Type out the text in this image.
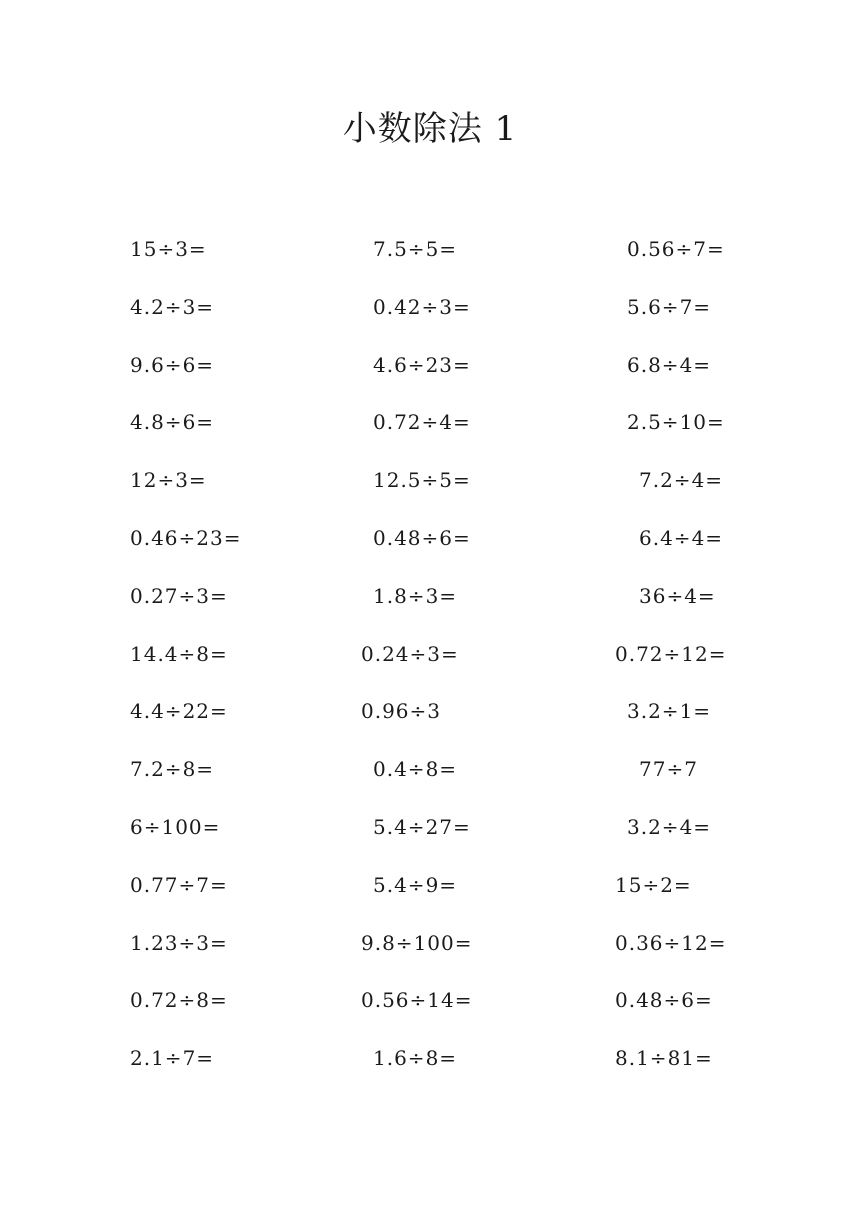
小数除法 1
15÷3=	7.5÷5=	0.56÷7=
4.2÷3=	0.42÷3=	5.6÷7=
9.6÷6=	4.6÷23=	6.8÷4=
4.8÷6=	0.72÷4=	2.5÷10=
12÷3=	12.5÷5=	7.2÷4=
0.46÷23=	0.48÷6=	6.4÷4=
0.27÷3=	1.8÷3=	36÷4=
14.4÷8=	0.24÷3=	0.72÷12=
4.4÷22=	0.96÷3	3.2÷1=
7.2÷8=	0.4÷8=	77÷7
6÷100=	5.4÷27=	3.2÷4=
0.77÷7=	5.4÷9=	15÷2=
1.23÷3=	9.8÷100=	0.36÷12=
0.72÷8=	0.56÷14=	0.48÷6=
2.1÷7=	1.6÷8=	8.1÷81=
